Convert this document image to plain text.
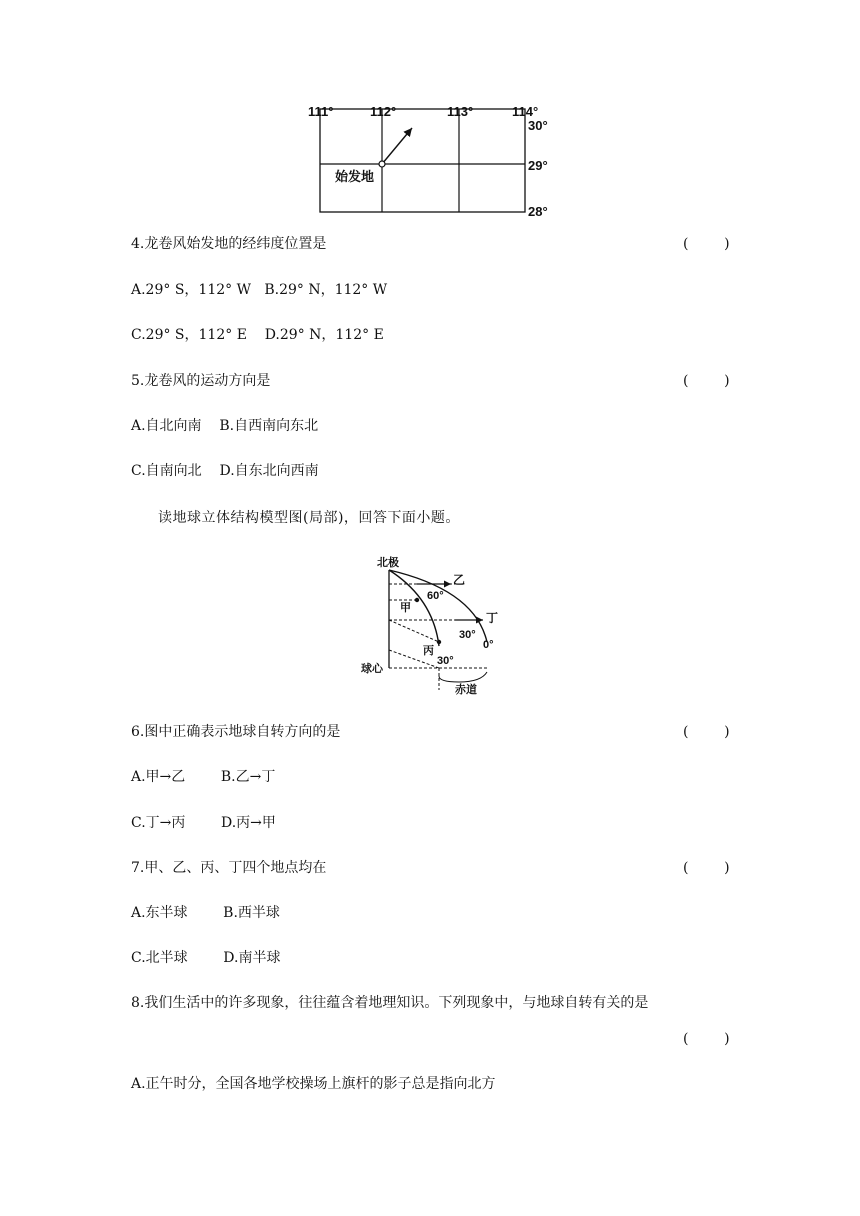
111°	112°	113°	114°
30°
29°
28°
始发地
4.龙卷风始发地的经纬度位置是	(        )
A.29° S，112° W   B.29° N，112° W
C.29° S，112° E    D.29° N，112° E
5.龙卷风的运动方向是	(        )
A.自北向南    B.自西南向东北
C.自南向北    D.自东北向西南
读地球立体结构模型图(局部)，回答下面小题。
北极
乙
60°
甲
丁
30°
0°
丙
30°
球心
赤道
6.图中正确表示地球自转方向的是	(        )
A.甲→乙        B.乙→丁
C.丁→丙        D.丙→甲
7.甲、乙、丙、丁四个地点均在	(        )
A.东半球        B.西半球
C.北半球        D.南半球
8.我们生活中的许多现象，往往蕴含着地理知识。下列现象中，与地球自转有关的是
(        )
A.正午时分，全国各地学校操场上旗杆的影子总是指向北方
